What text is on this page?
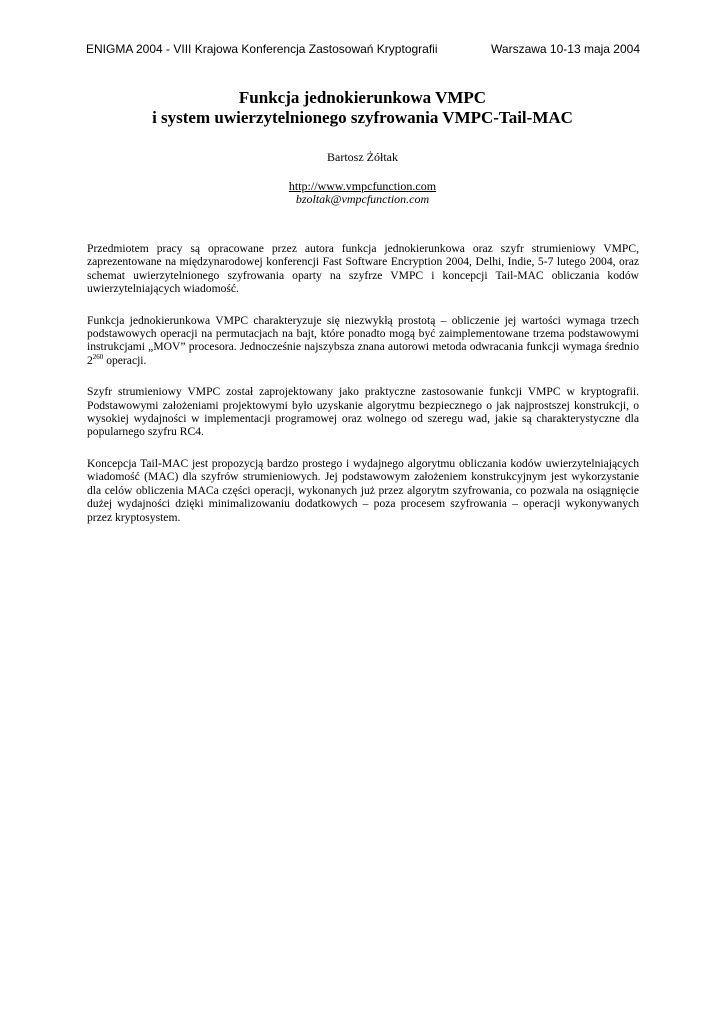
ENIGMA 2004 - VIII Krajowa Konferencja Zastosowań Kryptografii	Warszawa 10-13 maja 2004

Funkcja jednokierunkowa VMPC

i system uwierzytelnionego szyfrowania VMPC-Tail-MAC

Bartosz Żółtak
http://www.vmpcfunction.com
bzoltak@vmpcfunction.com

Przedmiotem pracy są opracowane przez autora funkcja jednokierunkowa oraz szyfr strumieniowy VMPC, zaprezentowane na międzynarodowej konferencji Fast Software Encryption 2004, Delhi, Indie, 5-7 lutego 2004, oraz schemat uwierzytelnionego szyfrowania oparty na szyfrze VMPC i koncepcji Tail-MAC obliczania kodów uwierzytelniających wiadomość.

Funkcja jednokierunkowa VMPC charakteryzuje się niezwykłą prostotą – obliczenie jej wartości wymaga trzech podstawowych operacji na permutacjach na bajt, które ponadto mogą być zaimplementowane trzema podstawowymi instrukcjami „MOV” procesora. Jednocześnie najszybsza znana autorowi metoda odwracania funkcji wymaga średnio $2^{260}$ operacji.

Szyfr strumieniowy VMPC został zaprojektowany jako praktyczne zastosowanie funkcji VMPC w kryptografii. Podstawowymi założeniami projektowymi było uzyskanie algorytmu bezpiecznego o jak najprostszej konstrukcji, o wysokiej wydajności w implementacji programowej oraz wolnego od szeregu wad, jakie są charakterystyczne dla popularnego szyfru RC4.

Koncepcja Tail-MAC jest propozycją bardzo prostego i wydajnego algorytmu obliczania kodów uwierzytelniających wiadomość (MAC) dla szyfrów strumieniowych. Jej podstawowym założeniem konstrukcyjnym jest wykorzystanie dla celów obliczenia MACa części operacji, wykonanych już przez algorytm szyfrowania, co pozwala na osiągnięcie dużej wydajności dzięki minimalizowaniu dodatkowych – poza procesem szyfrowania – operacji wykonywanych przez kryptosystem.
